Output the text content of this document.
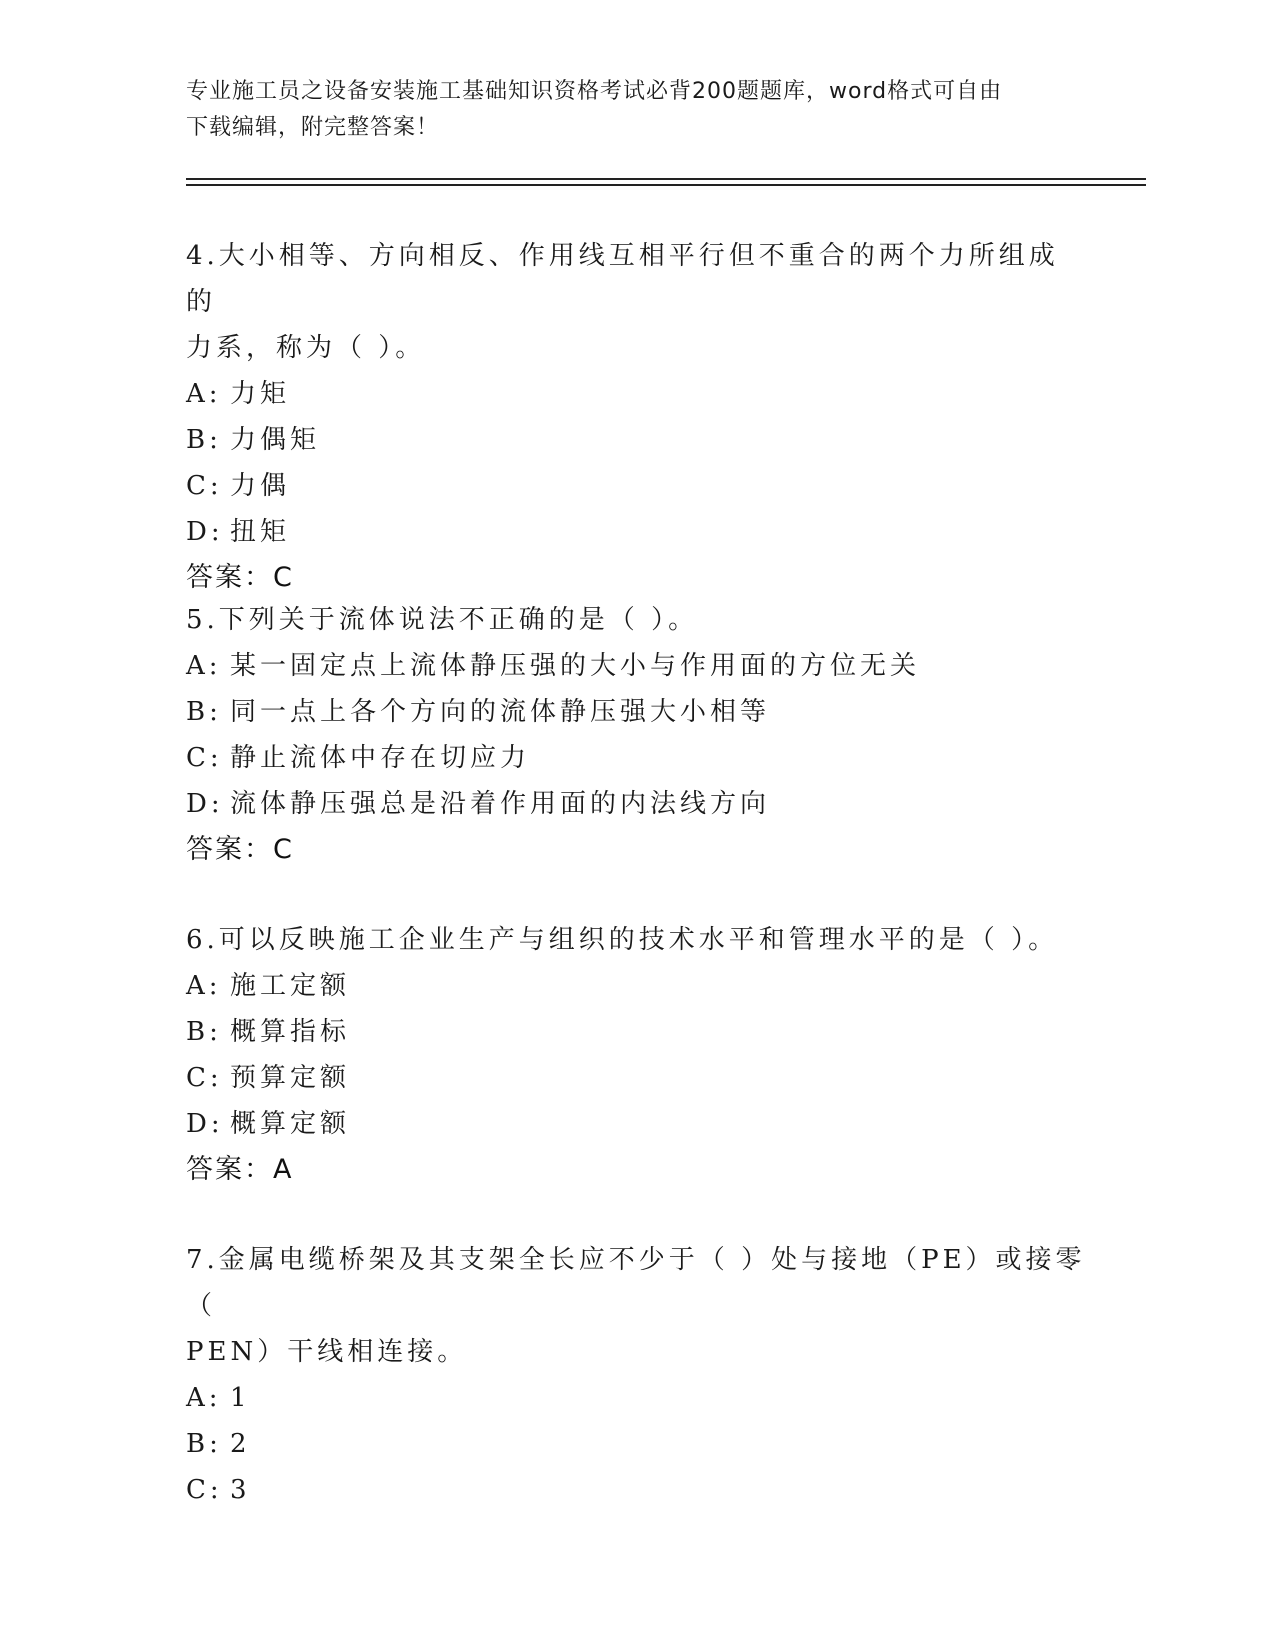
专业施工员之设备安装施工基础知识资格考试必背200题题库，word格式可自由
下载编辑，附完整答案！
4.大小相等、方向相反、作用线互相平行但不重合的两个力所组成的
力系，称为（ ）。
A: 力矩
B: 力偶矩
C: 力偶
D: 扭矩
答案：C
5.下列关于流体说法不正确的是（ ）。
A: 某一固定点上流体静压强的大小与作用面的方位无关
B: 同一点上各个方向的流体静压强大小相等
C: 静止流体中存在切应力
D: 流体静压强总是沿着作用面的内法线方向
答案：C
6.可以反映施工企业生产与组织的技术水平和管理水平的是（ ）。
A: 施工定额
B: 概算指标
C: 预算定额
D: 概算定额
答案：A
7.金属电缆桥架及其支架全长应不少于（ ）处与接地（PE）或接零（
PEN）干线相连接。
A: 1
B: 2
C: 3
